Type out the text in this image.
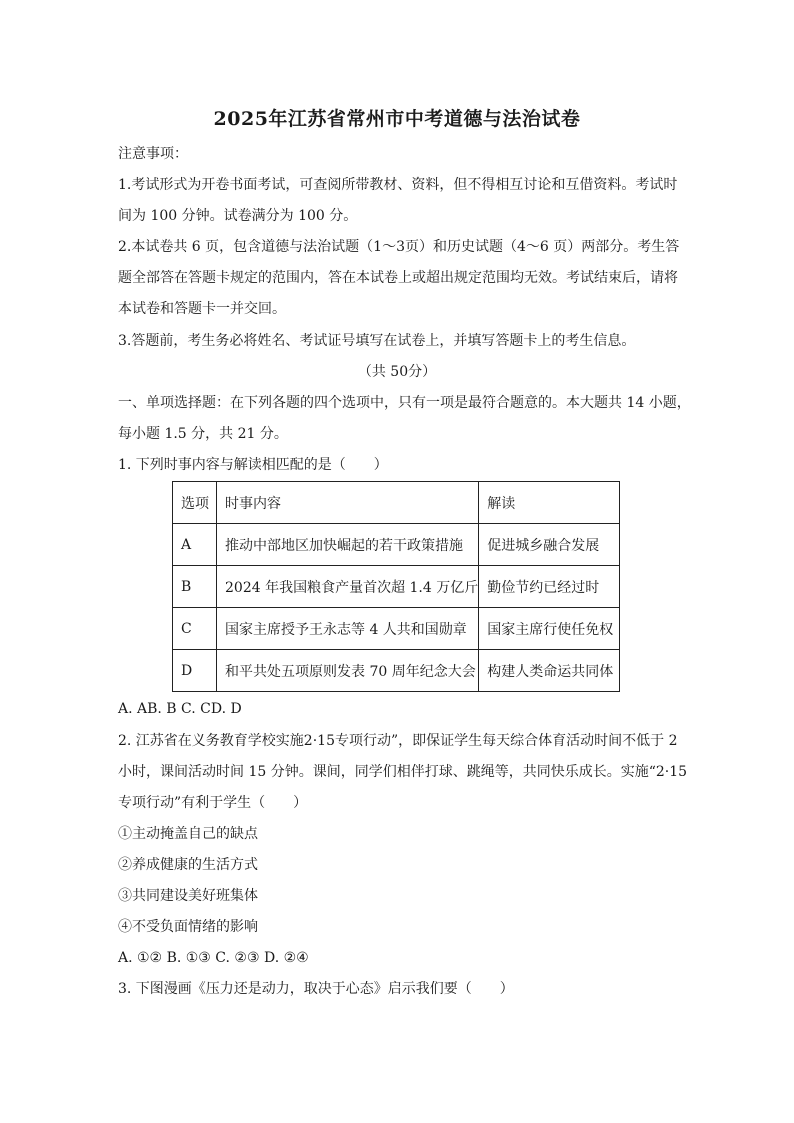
2025年江苏省常州市中考道德与法治试卷
注意事项：
1.考试形式为开卷书面考试，可查阅所带教材、资料，但不得相互讨论和互借资料。考试时
间为 100 分钟。试卷满分为 100 分。
2.本试卷共 6 页，包含道德与法治试题（1～3页）和历史试题（4～6 页）两部分。考生答
题全部答在答题卡规定的范围内，答在本试卷上或超出规定范围均无效。考试结束后，请将
本试卷和答题卡一并交回。
3.答题前，考生务必将姓名、考试证号填写在试卷上，并填写答题卡上的考生信息。
（共 50分）
一、单项选择题：在下列各题的四个选项中，只有一项是最符合题意的。本大题共 14 小题，
每小题 1.5 分，共 21 分。
1. 下列时事内容与解读相匹配的是（　　）
选项	时事内容	解读
A	推动中部地区加快崛起的若干政策措施	促进城乡融合发展
B	2024 年我国粮食产量首次超 1.4 万亿斤	勤俭节约已经过时
C	国家主席授予王永志等 4 人共和国勋章	国家主席行使任免权
D	和平共处五项原则发表 70 周年纪念大会	构建人类命运共同体
A. AB. B C. CD. D
2. 江苏省在义务教育学校实施2·15专项行动”，即保证学生每天综合体育活动时间不低于 2
小时，课间活动时间 15 分钟。课间，同学们相伴打球、跳绳等，共同快乐成长。实施“2·15
专项行动”有利于学生（　　）
①主动掩盖自己的缺点
②养成健康的生活方式
③共同建设美好班集体
④不受负面情绪的影响
A. ①② B. ①③ C. ②③ D. ②④
3. 下图漫画《压力还是动力，取决于心态》启示我们要（　　）
